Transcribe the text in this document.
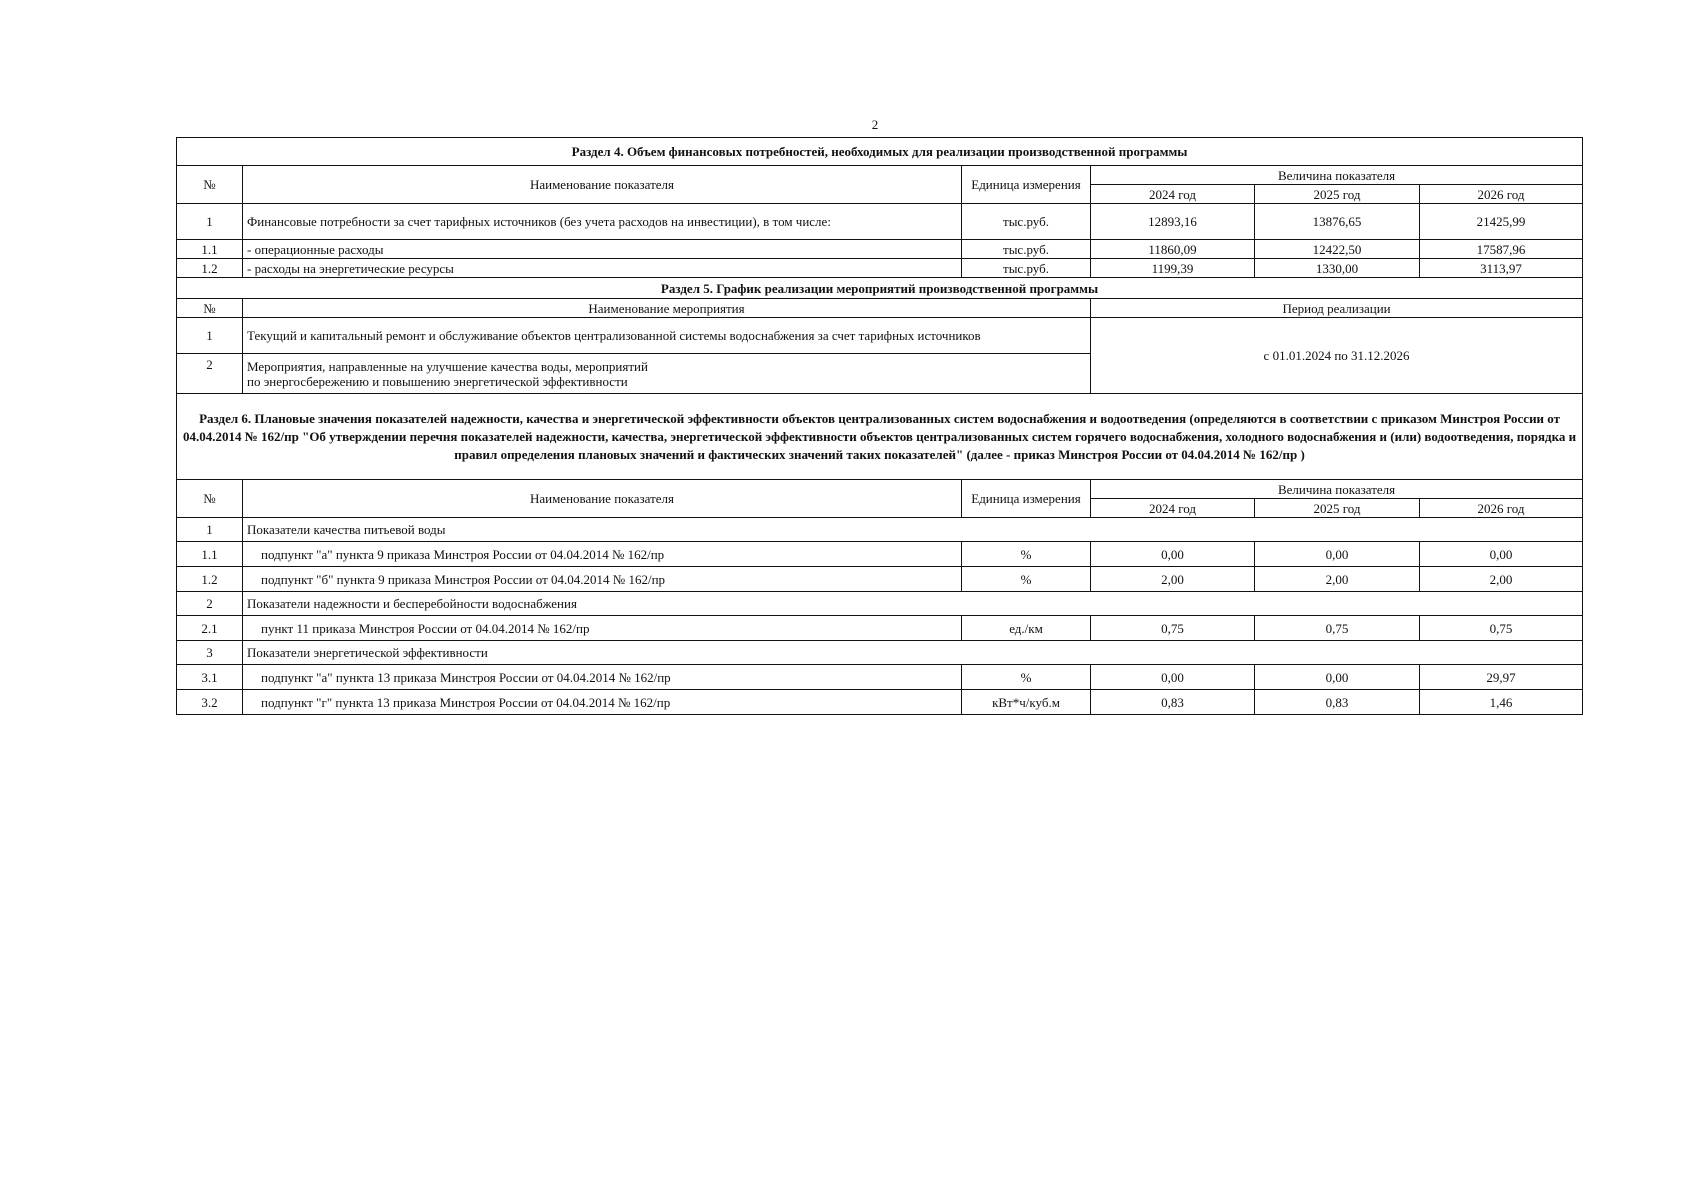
2
Раздел 4. Объем финансовых потребностей, необходимых для реализации производственной программы					
№	Наименование показателя	Единица измерения	Величина показателя		
			2024 год	2025 год	2026 год
1	Финансовые потребности за счет тарифных источников (без учета расходов на инвестиции), в том числе:	тыс.руб.	12893,16	13876,65	21425,99
1.1	- операционные расходы	тыс.руб.	11860,09	12422,50	17587,96
1.2	- расходы на энергетические ресурсы	тыс.руб.	1199,39	1330,00	3113,97
Раздел 5. График реализации мероприятий производственной программы					
№	Наименование мероприятия		Период реализации		
1	Текущий и капитальный ремонт и обслуживание объектов централизованной системы водоснабжения за счет тарифных источников		с 01.01.2024 по 31.12.2026		
2	Мероприятия, направленные на улучшение качества воды, мероприятий
по энергосбережению и повышению энергетической эффективности				

Раздел 6. Плановые значения показателей надежности, качества и энергетической эффективности объектов централизованных систем водоснабжения и водоотведения (определяются в соответствии с приказом Минстроя России от 04.04.2014 № 162/пр "Об утверждении перечня показателей надежности, качества, энергетической эффективности объектов централизованных систем горячего водоснабжения, холодного водоснабжения и (или) водоотведения, порядка и правил определения плановых значений и фактических значений таких показателей" (далее - приказ Минстроя России от 04.04.2014 № 162/пр )					
№	Наименование показателя	Единица измерения	Величина показателя		
			2024 год	2025 год	2026 год
1	Показатели качества питьевой воды				
1.1	подпункт "а" пункта 9 приказа Минстроя России от 04.04.2014 № 162/пр	%	0,00	0,00	0,00
1.2	подпункт "б" пункта 9 приказа Минстроя России от 04.04.2014 № 162/пр	%	2,00	2,00	2,00
2	Показатели надежности и бесперебойности водоснабжения				
2.1	пункт 11 приказа Минстроя России от 04.04.2014 № 162/пр	ед./км	0,75	0,75	0,75
3	Показатели энергетической эффективности				
3.1	подпункт "а" пункта 13 приказа Минстроя России от 04.04.2014 № 162/пр	%	0,00	0,00	29,97
3.2	подпункт "г" пункта 13 приказа Минстроя России от 04.04.2014 № 162/пр	кВт*ч/куб.м	0,83	0,83	1,46
